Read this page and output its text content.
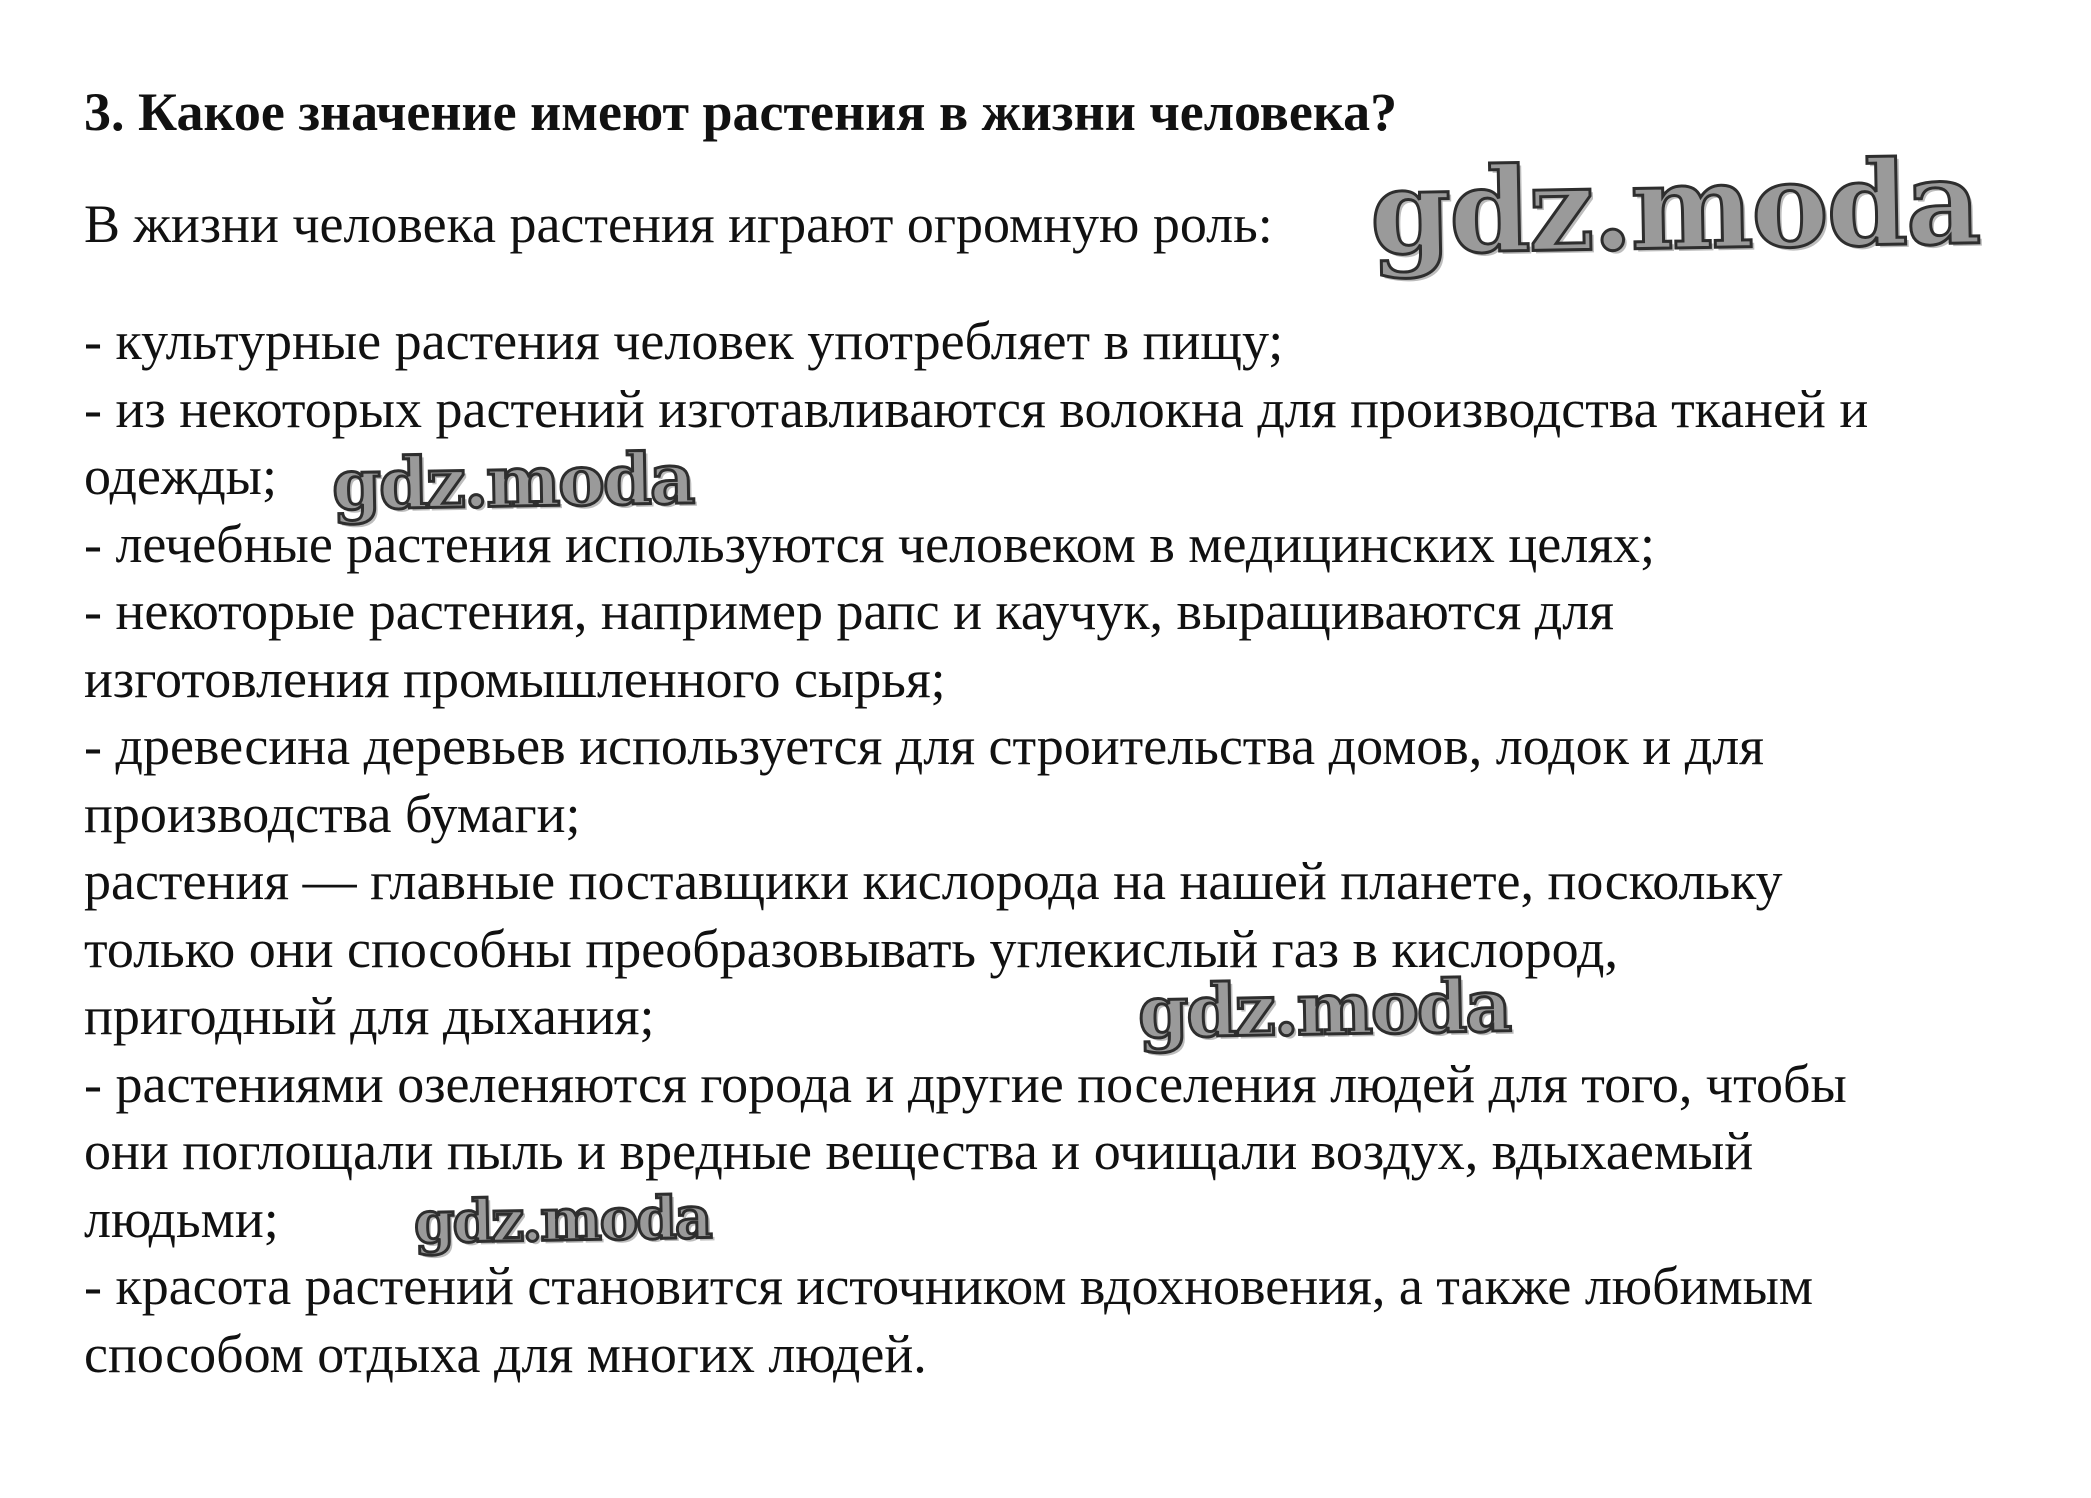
3. Какое значение имеют растения в жизни человека?

В жизни человека растения играют огромную роль:

- культурные растения человек употребляет в пищу;
- из некоторых растений изготавливаются волокна для производства тканей и
одежды;
- лечебные растения используются человеком в медицинских целях;
- некоторые растения, например рапс и каучук, выращиваются для
изготовления промышленного сырья;
- древесина деревьев используется для строительства домов, лодок и для
производства бумаги;
растения — главные поставщики кислорода на нашей планете, поскольку
только они способны преобразовывать углекислый газ в кислород,
пригодный для дыхания;
- растениями озеленяются города и другие поселения людей для того, чтобы
они поглощали пыль и вредные вещества и очищали воздух, вдыхаемый
людьми;
- красота растений становится источником вдохновения, а также любимым
способом отдыха для многих людей.
gdz.moda
gdz.moda
gdz.moda
gdz.moda
